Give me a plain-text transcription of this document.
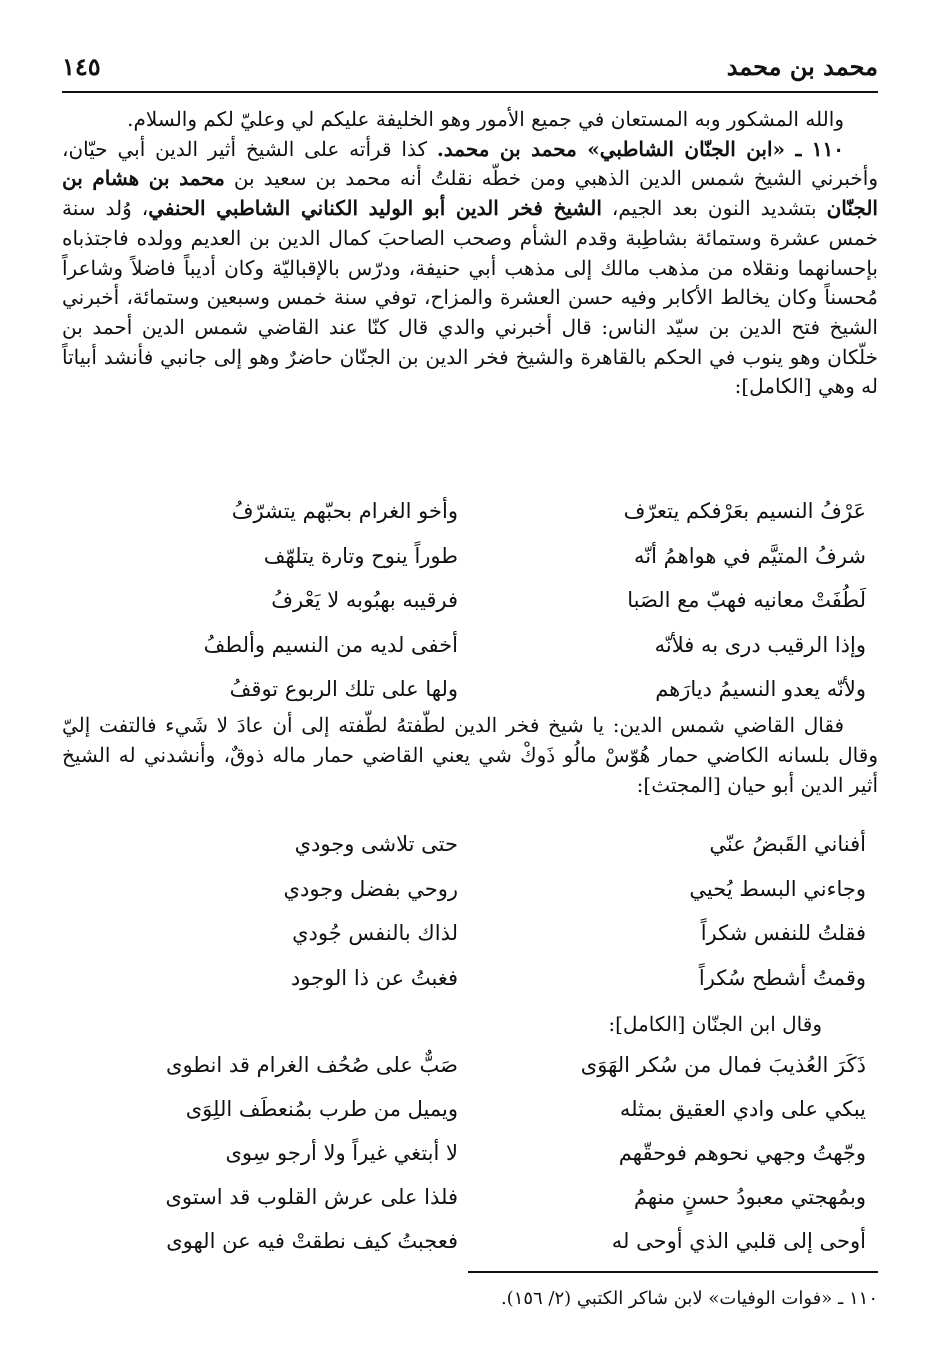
محمد بن محمد
١٤٥

والله المشكور وبه المستعان في جميع الأمور وهو الخليفة عليكم لي وعليّ لكم والسلام.

١١٠ ـ «ابن الجنّان الشاطبي» محمد بن محمد. كذا قرأته على الشيخ أثير الدين أبي حيّان، وأخبرني الشيخ شمس الدين الذهبي ومن خطّه نقلتُ أنه محمد بن سعيد بن محمد بن هشام بن الجنّان بتشديد النون بعد الجيم، الشيخ فخر الدين أبو الوليد الكناني الشاطبي الحنفي، وُلد سنة خمس عشرة وستمائة بشاطِبة وقدم الشأم وصحب الصاحبَ كمال الدين بن العديم وولده فاجتذباه بإحسانهما ونقلاه من مذهب مالك إلى مذهب أبي حنيفة، ودرّس بالإقباليّة وكان أديباً فاضلاً وشاعراً مُحسناً وكان يخالط الأكابر وفيه حسن العشرة والمزاح، توفي سنة خمس وسبعين وستمائة، أخبرني الشيخ فتح الدين بن سيّد الناس: قال أخبرني والدي قال كنّا عند القاضي شمس الدين أحمد بن خلّكان وهو ينوب في الحكم بالقاهرة والشيخ فخر الدين بن الجنّان حاضرٌ وهو إلى جانبي فأنشد أبياتاً له وهي [الكامل]:

عَرْفُ النسيم بعَرْفكم يتعرّف
وأخو الغرام بحبّهم يتشرّفُ
شرفُ المتيَّم في هواهمُ أنّه
طوراً ينوح وتارة يتلهّف
لَطُفَتْ معانيه فهبّ مع الصَبا
فرقيبه بهبُوبه لا يَعْرفُ
وإذا الرقيب درى به فلأنّه
أخفى لديه من النسيم وألطفُ
ولأنّه يعدو النسيمُ ديارَهم
ولها على تلك الربوع توقفُ

فقال القاضي شمس الدين: يا شيخ فخر الدين لطّفتهُ لطّفته إلى أن عادَ لا شَيء فالتفت إليّ وقال بلسانه الكاضي حمار هُوّسْ مالُو ذَوكْ شي يعني القاضي حمار ماله ذوقٌ، وأنشدني له الشيخ أثير الدين أبو حيان [المجتث]:

أفناني القَبضُ عنّي
حتى تلاشى وجودي
وجاءني البسط يُحيي
روحي بفضل وجودي
فقلتُ للنفس شكراً
لذاك بالنفس جُودي
وقمتُ أشطح سُكراً
فغبتُ عن ذا الوجود
وقال ابن الجنّان [الكامل]:
ذَكَرَ العُذيبَ فمال من سُكر الهَوَى
صَبٌّ على صُحُف الغرام قد انطوى
يبكي على وادي العقيق بمثله
ويميل من طرب بمُنعطَف اللِوَى
وجّهتُ وجهي نحوهم فوحقّهم
لا أبتغي غيراً ولا أرجو سِوى
وبمُهجتي معبودُ حسنٍ منهمُ
فلذا على عرش القلوب قد استوى
أوحى إلى قلبي الذي أوحى له
فعجبتُ كيف نطقتْ فيه عن الهوى
١١٠ ـ «فوات الوفيات» لابن شاكر الكتبي (٢/ ١٥٦).
